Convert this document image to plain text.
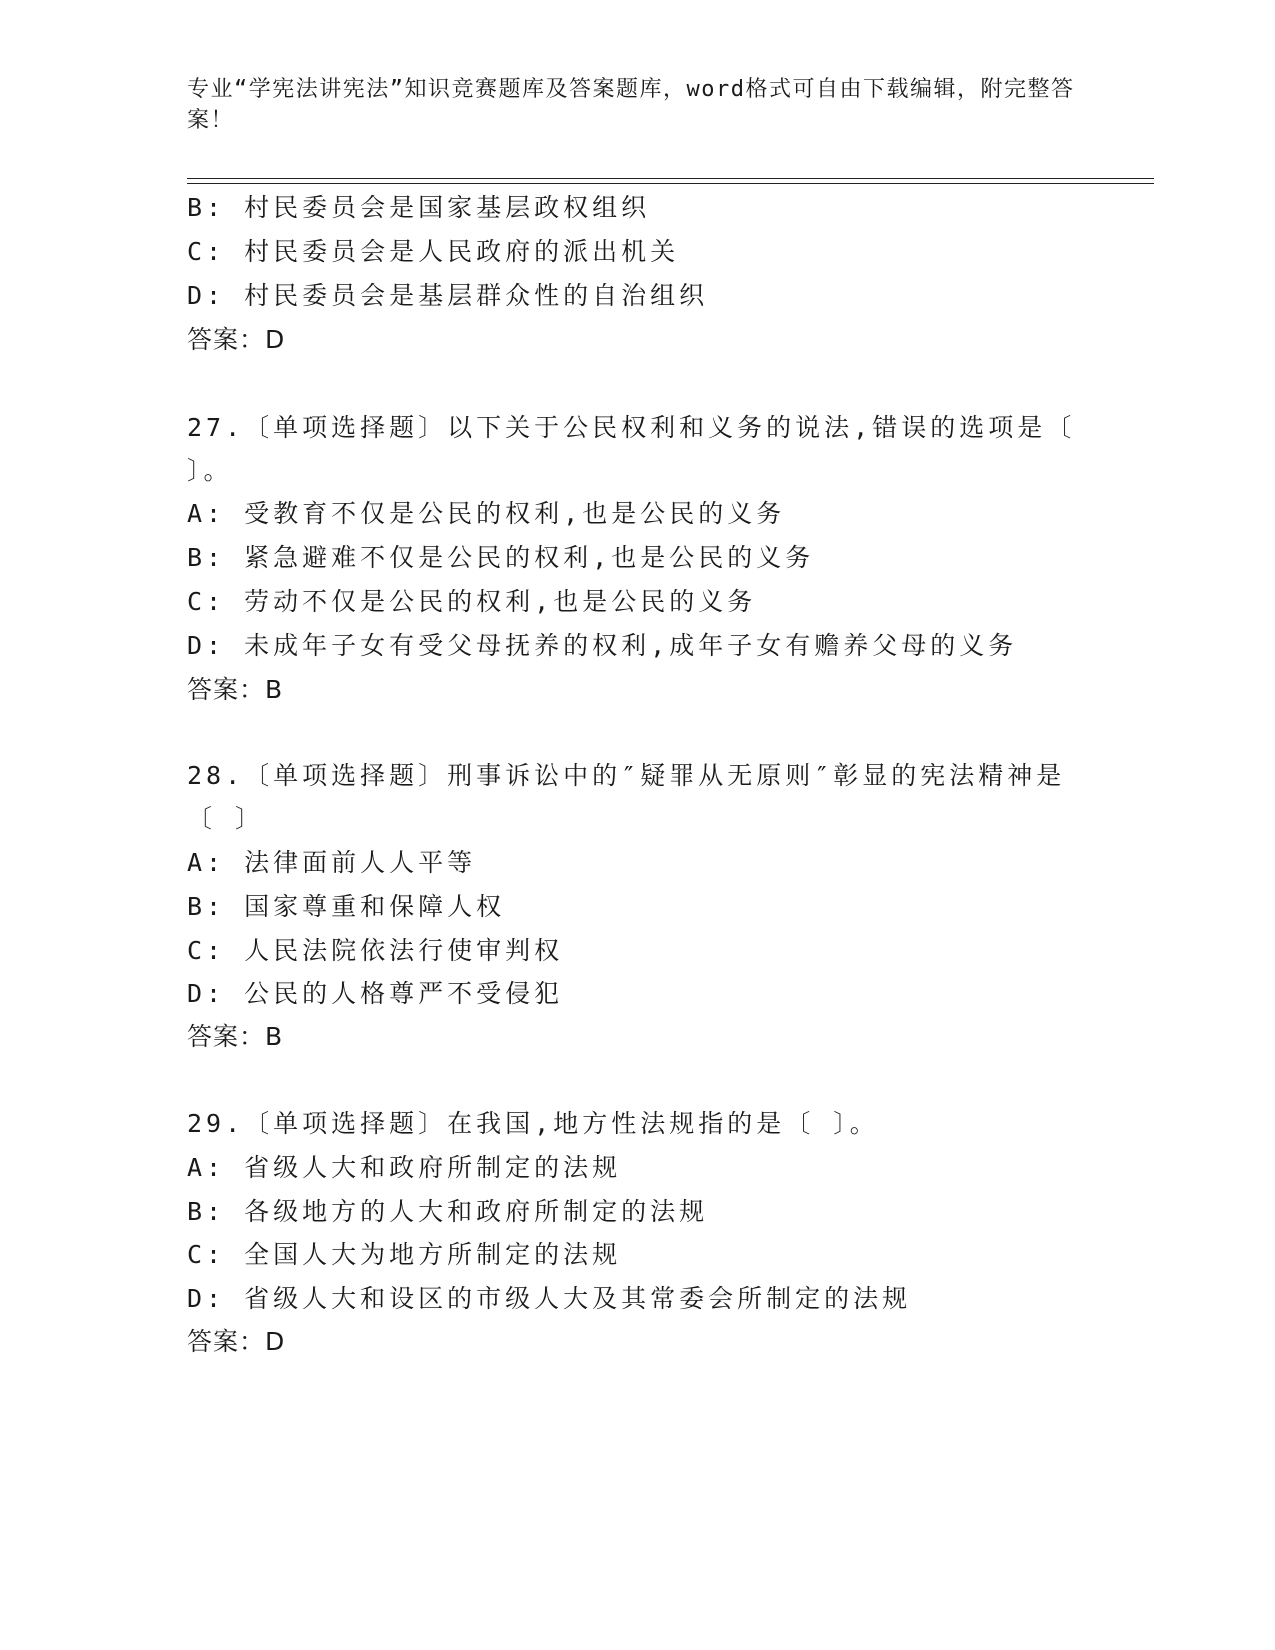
专业“学宪法讲宪法”知识竞赛题库及答案题库，word格式可自由下载编辑，附完整答案！
B: 村民委员会是国家基层政权组织
C: 村民委员会是人民政府的派出机关
D: 村民委员会是基层群众性的自治组织
答案：D
27.〔单项选择题〕以下关于公民权利和义务的说法,错误的选项是〔
〕。
A: 受教育不仅是公民的权利,也是公民的义务
B: 紧急避难不仅是公民的权利,也是公民的义务
C: 劳动不仅是公民的权利,也是公民的义务
D: 未成年子女有受父母抚养的权利,成年子女有赡养父母的义务
答案：B
28.〔单项选择题〕刑事诉讼中的″疑罪从无原则″彰显的宪法精神是
〔 〕
A: 法律面前人人平等
B: 国家尊重和保障人权
C: 人民法院依法行使审判权
D: 公民的人格尊严不受侵犯
答案：B
29.〔单项选择题〕在我国,地方性法规指的是〔 〕。
A: 省级人大和政府所制定的法规
B: 各级地方的人大和政府所制定的法规
C: 全国人大为地方所制定的法规
D: 省级人大和设区的市级人大及其常委会所制定的法规
答案：D
